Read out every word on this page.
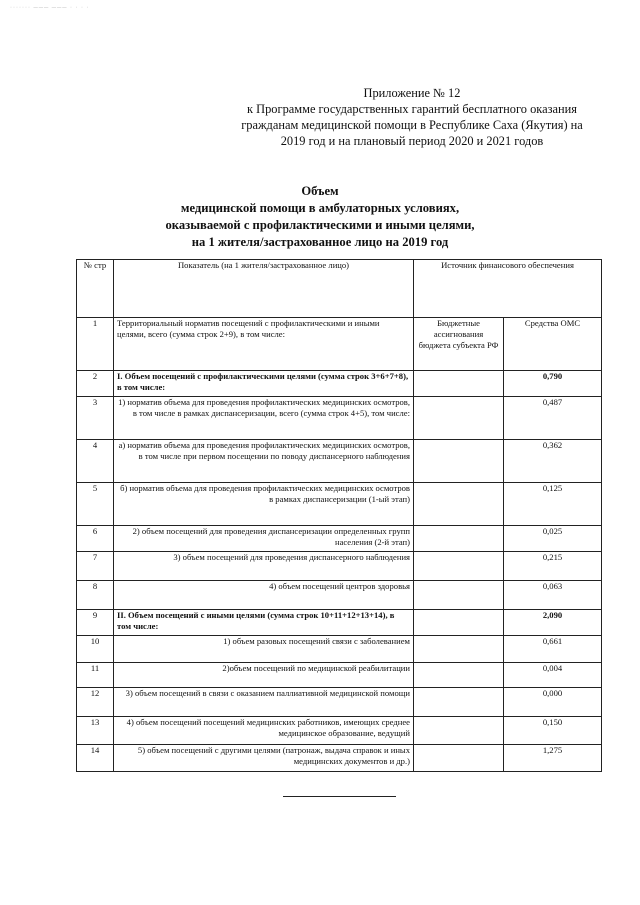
······· ─── ─── · · · ·
Приложение № 12
к Программе государственных гарантий бесплатного оказания
гражданам медицинской помощи в Республике Саха (Якутия) на
2019 год и на плановый период 2020 и 2021 годов
Объем
медицинской помощи в амбулаторных условиях,
оказываемой с профилактическими и иными целями,
на 1 жителя/застрахованное лицо на 2019 год
№ стр	Показатель (на 1 жителя/застрахованное лицо)	Источник финансового обеспечения	
1	Территориальный норматив посещений с профилактическими и иными целями, всего (сумма строк 2+9), в том числе:	Бюджетные ассигнования бюджета субъекта РФ	Средства ОМС
2	I. Объем посещений с профилактическими целями (сумма строк 3+6+7+8), в том числе:		0,790
3	1) норматив объема для проведения профилактических медицинских осмотров, в том числе в рамках диспансеризации, всего (сумма строк 4+5), том числе:		0,487
4	а) норматив объема для проведения профилактических медицинских осмотров, в том числе при первом посещении по поводу диспансерного наблюдения		0,362
5	б) норматив объема для проведения профилактических медицинских осмотров в рамках диспансеризации (1-ый этап)		0,125
6	2) объем посещений для проведения диспансеризации определенных групп населения (2-й этап)		0,025
7	3) объем посещений для проведения диспансерного наблюдения		0,215
8	4) объем посещений центров здоровья		0,063
9	II. Объем посещений с иными целями (сумма строк 10+11+12+13+14), в том числе:		2,090
10	1) объем разовых посещений связи с заболеванием		0,661
11	2)объем посещений по медицинской реабилитации		0,004
12	3) объем посещений в связи с оказанием паллиативной медицинской помощи		0,000
13	4) объем посещений посещений медицинских работников, имеющих среднее медицинское образование, ведущий		0,150
14	5) объем посещений с другими целями (патронаж, выдача справок и иных медицинских документов и др.)		1,275
